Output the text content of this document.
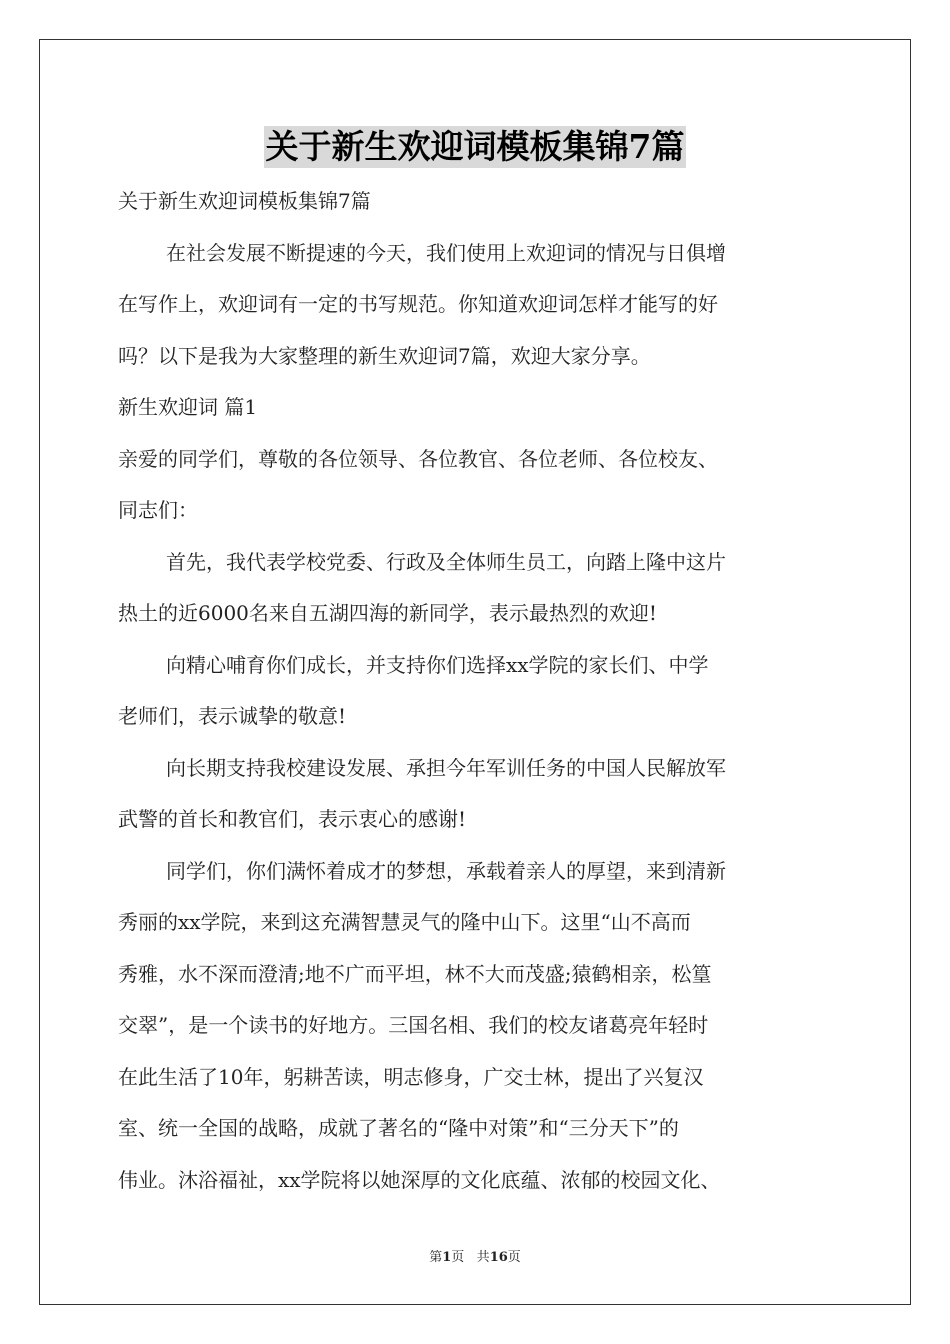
关于新生欢迎词模板集锦7篇

关于新生欢迎词模板集锦7篇

在社会发展不断提速的今天，我们使用上欢迎词的情况与日俱增

在写作上，欢迎词有一定的书写规范。你知道欢迎词怎样才能写的好

吗？以下是我为大家整理的新生欢迎词7篇，欢迎大家分享。

新生欢迎词 篇1

亲爱的同学们，尊敬的各位领导、各位教官、各位老师、各位校友、

同志们：

首先，我代表学校党委、行政及全体师生员工，向踏上隆中这片

热土的近6000名来自五湖四海的新同学，表示最热烈的欢迎!

向精心哺育你们成长，并支持你们选择xx学院的家长们、中学

老师们，表示诚挚的敬意!

向长期支持我校建设发展、承担今年军训任务的中国人民解放军

武警的首长和教官们，表示衷心的感谢!

同学们，你们满怀着成才的梦想，承载着亲人的厚望，来到清新

秀丽的xx学院，来到这充满智慧灵气的隆中山下。这里“山不高而

秀雅，水不深而澄清;地不广而平坦，林不大而茂盛;猿鹤相亲，松篁

交翠”，是一个读书的好地方。三国名相、我们的校友诸葛亮年轻时

在此生活了10年，躬耕苦读，明志修身，广交士林，提出了兴复汉

室、统一全国的战略，成就了著名的“隆中对策”和“三分天下”的

伟业。沐浴福祉，xx学院将以她深厚的文化底蕴、浓郁的校园文化、

第1页 共16页
